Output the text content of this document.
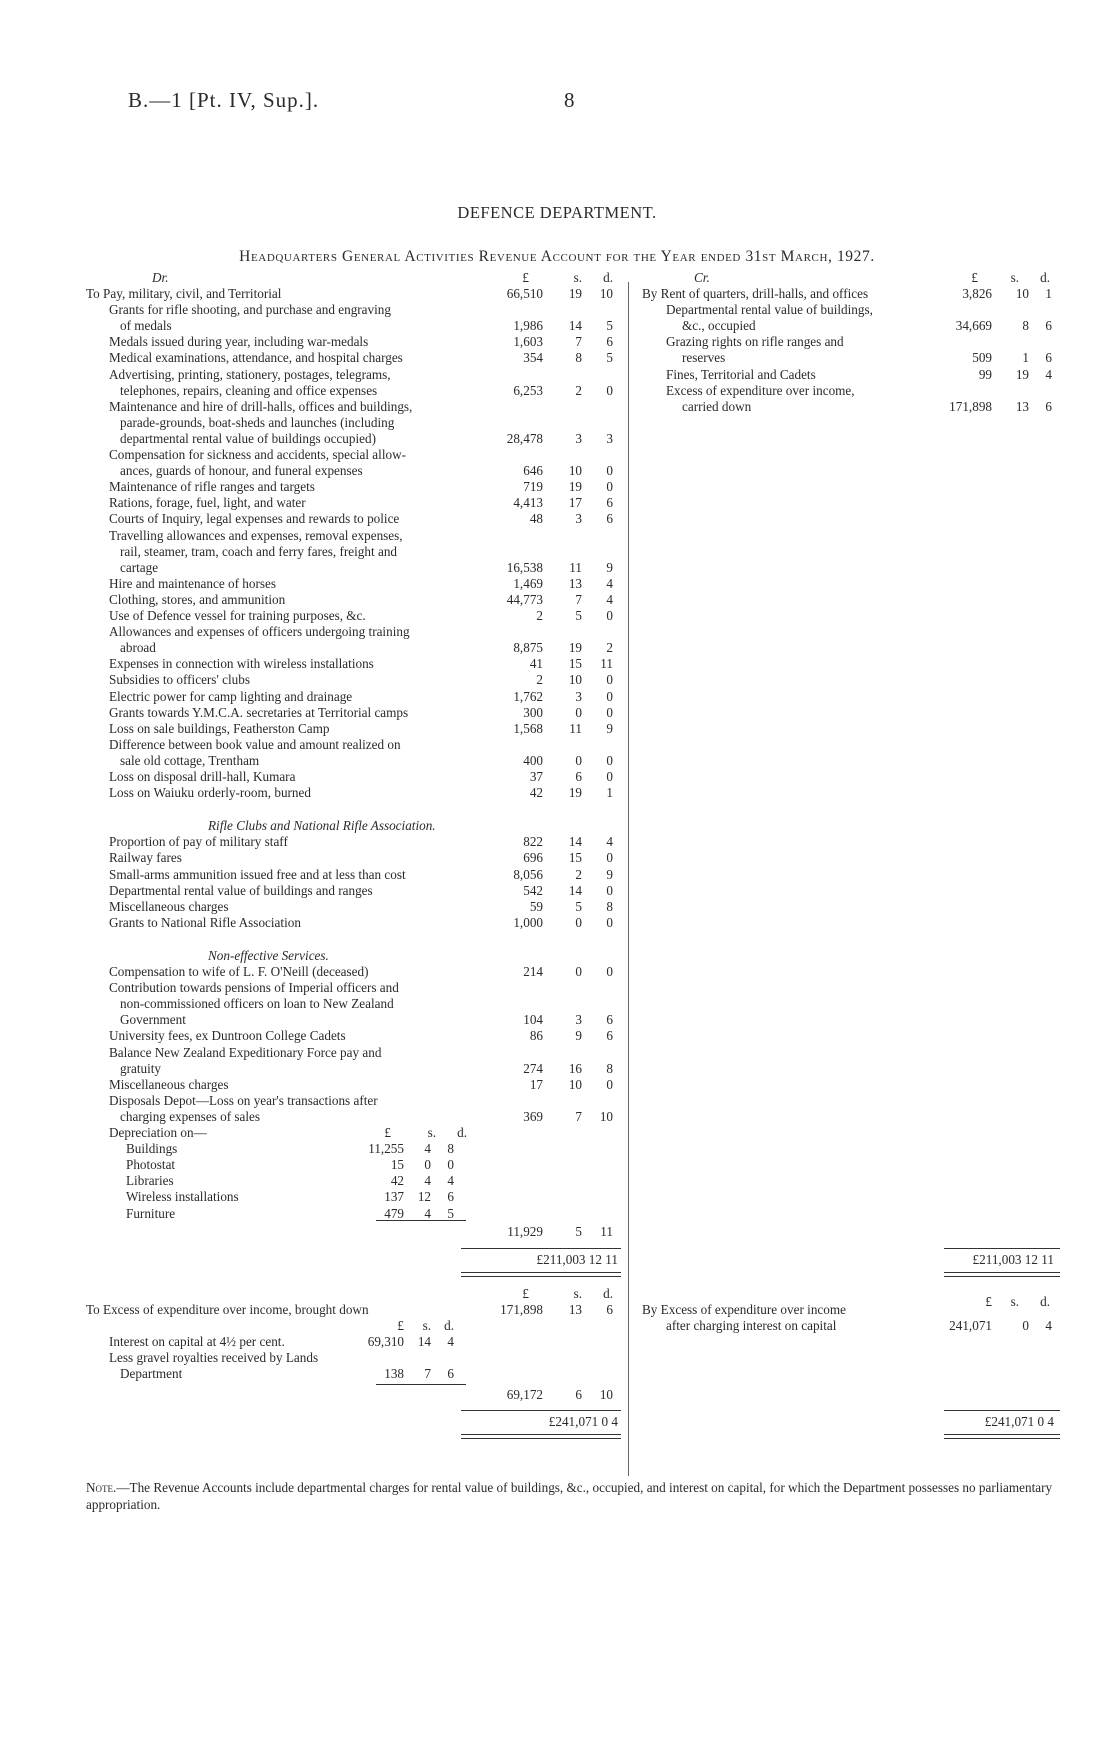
B.—1 [Pt. IV, Sup.].	8
DEFENCE DEPARTMENT.
Headquarters General Activities Revenue Account for the Year ended 31st March, 1927.
Dr.	£	s. d.
To Pay, military, civil, and Territorial	66,510 19 10
Grants for rifle shooting, and purchase and engraving
of medals	1,986 14 5
Medals issued during year, including war-medals	1,603 7 6
Medical examinations, attendance, and hospital charges	354 8 5
Advertising, printing, stationery, postages, telegrams,
telephones, repairs, cleaning and office expenses	6,253 2 0
Maintenance and hire of drill-halls, offices and buildings,
parade-grounds, boat-sheds and launches (including
departmental rental value of buildings occupied)	28,478 3 3
Compensation for sickness and accidents, special allow-
ances, guards of honour, and funeral expenses	646 10 0
Maintenance of rifle ranges and targets	719 19 0
Rations, forage, fuel, light, and water	4,413 17 6
Courts of Inquiry, legal expenses and rewards to police	48 3 6
Travelling allowances and expenses, removal expenses,
rail, steamer, tram, coach and ferry fares, freight and
cartage	16,538 11 9
Hire and maintenance of horses	1,469 13 4
Clothing, stores, and ammunition	44,773 7 4
Use of Defence vessel for training purposes, &c.	2 5 0
Allowances and expenses of officers undergoing training
abroad	8,875 19 2
Expenses in connection with wireless installations	41 15 11
Subsidies to officers' clubs	2 10 0
Electric power for camp lighting and drainage	1,762 3 0
Grants towards Y.M.C.A. secretaries at Territorial camps	300 0 0
Loss on sale buildings, Featherston Camp	1,568 11 9
Difference between book value and amount realized on
sale old cottage, Trentham	400 0 0
Loss on disposal drill-hall, Kumara	37 6 0
Loss on Waiuku orderly-room, burned	42 19 1
Rifle Clubs and National Rifle Association.
Proportion of pay of military staff	822 14 4
Railway fares	696 15 0
Small-arms ammunition issued free and at less than cost	8,056 2 9
Departmental rental value of buildings and ranges	542 14 0
Miscellaneous charges	59 5 8
Grants to National Rifle Association	1,000 0 0
Non-effective Services.
Compensation to wife of L. F. O'Neill (deceased)	214 0 0
Contribution towards pensions of Imperial officers and
non-commissioned officers on loan to New Zealand
Government	104 3 6
University fees, ex Duntroon College Cadets	86 9 6
Balance New Zealand Expeditionary Force pay and
gratuity	274 16 8
Miscellaneous charges	17 10 0
Disposals Depot—Loss on year's transactions after
charging expenses of sales	369 7 10
Depreciation on—	£	s. d.
Buildings	11,255 4 8
Photostat	15 0 0
Libraries	42 4 4
Wireless installations	137 12 6
Furniture	479 4 5
11,929 5 11
£211,003 12 11
£	s. d.
To Excess of expenditure over income, brought down	171,898 13 6
£ s. d.
Interest on capital at 4½ per cent.	69,310 14 4
Less gravel royalties received by Lands
Department	138 7 6
69,172 6 10
£241,071 0 4
Cr.	£ s. d.
By Rent of quarters, drill-halls, and offices	3,826 10 1
Departmental rental value of buildings,
&c., occupied	34,669 8 6
Grazing rights on rifle ranges and
reserves	509 1 6
Fines, Territorial and Cadets	99 19 4
Excess of expenditure over income,
carried down	171,898 13 6
£211,003 12 11
£ s. d.
By Excess of expenditure over income
after charging interest on capital	241,071 0 4
£241,071 0 4
Note.—The Revenue Accounts include departmental charges for rental value of buildings, &c., occupied, and interest on capital, for which the Department possesses no parliamentary appropriation.
